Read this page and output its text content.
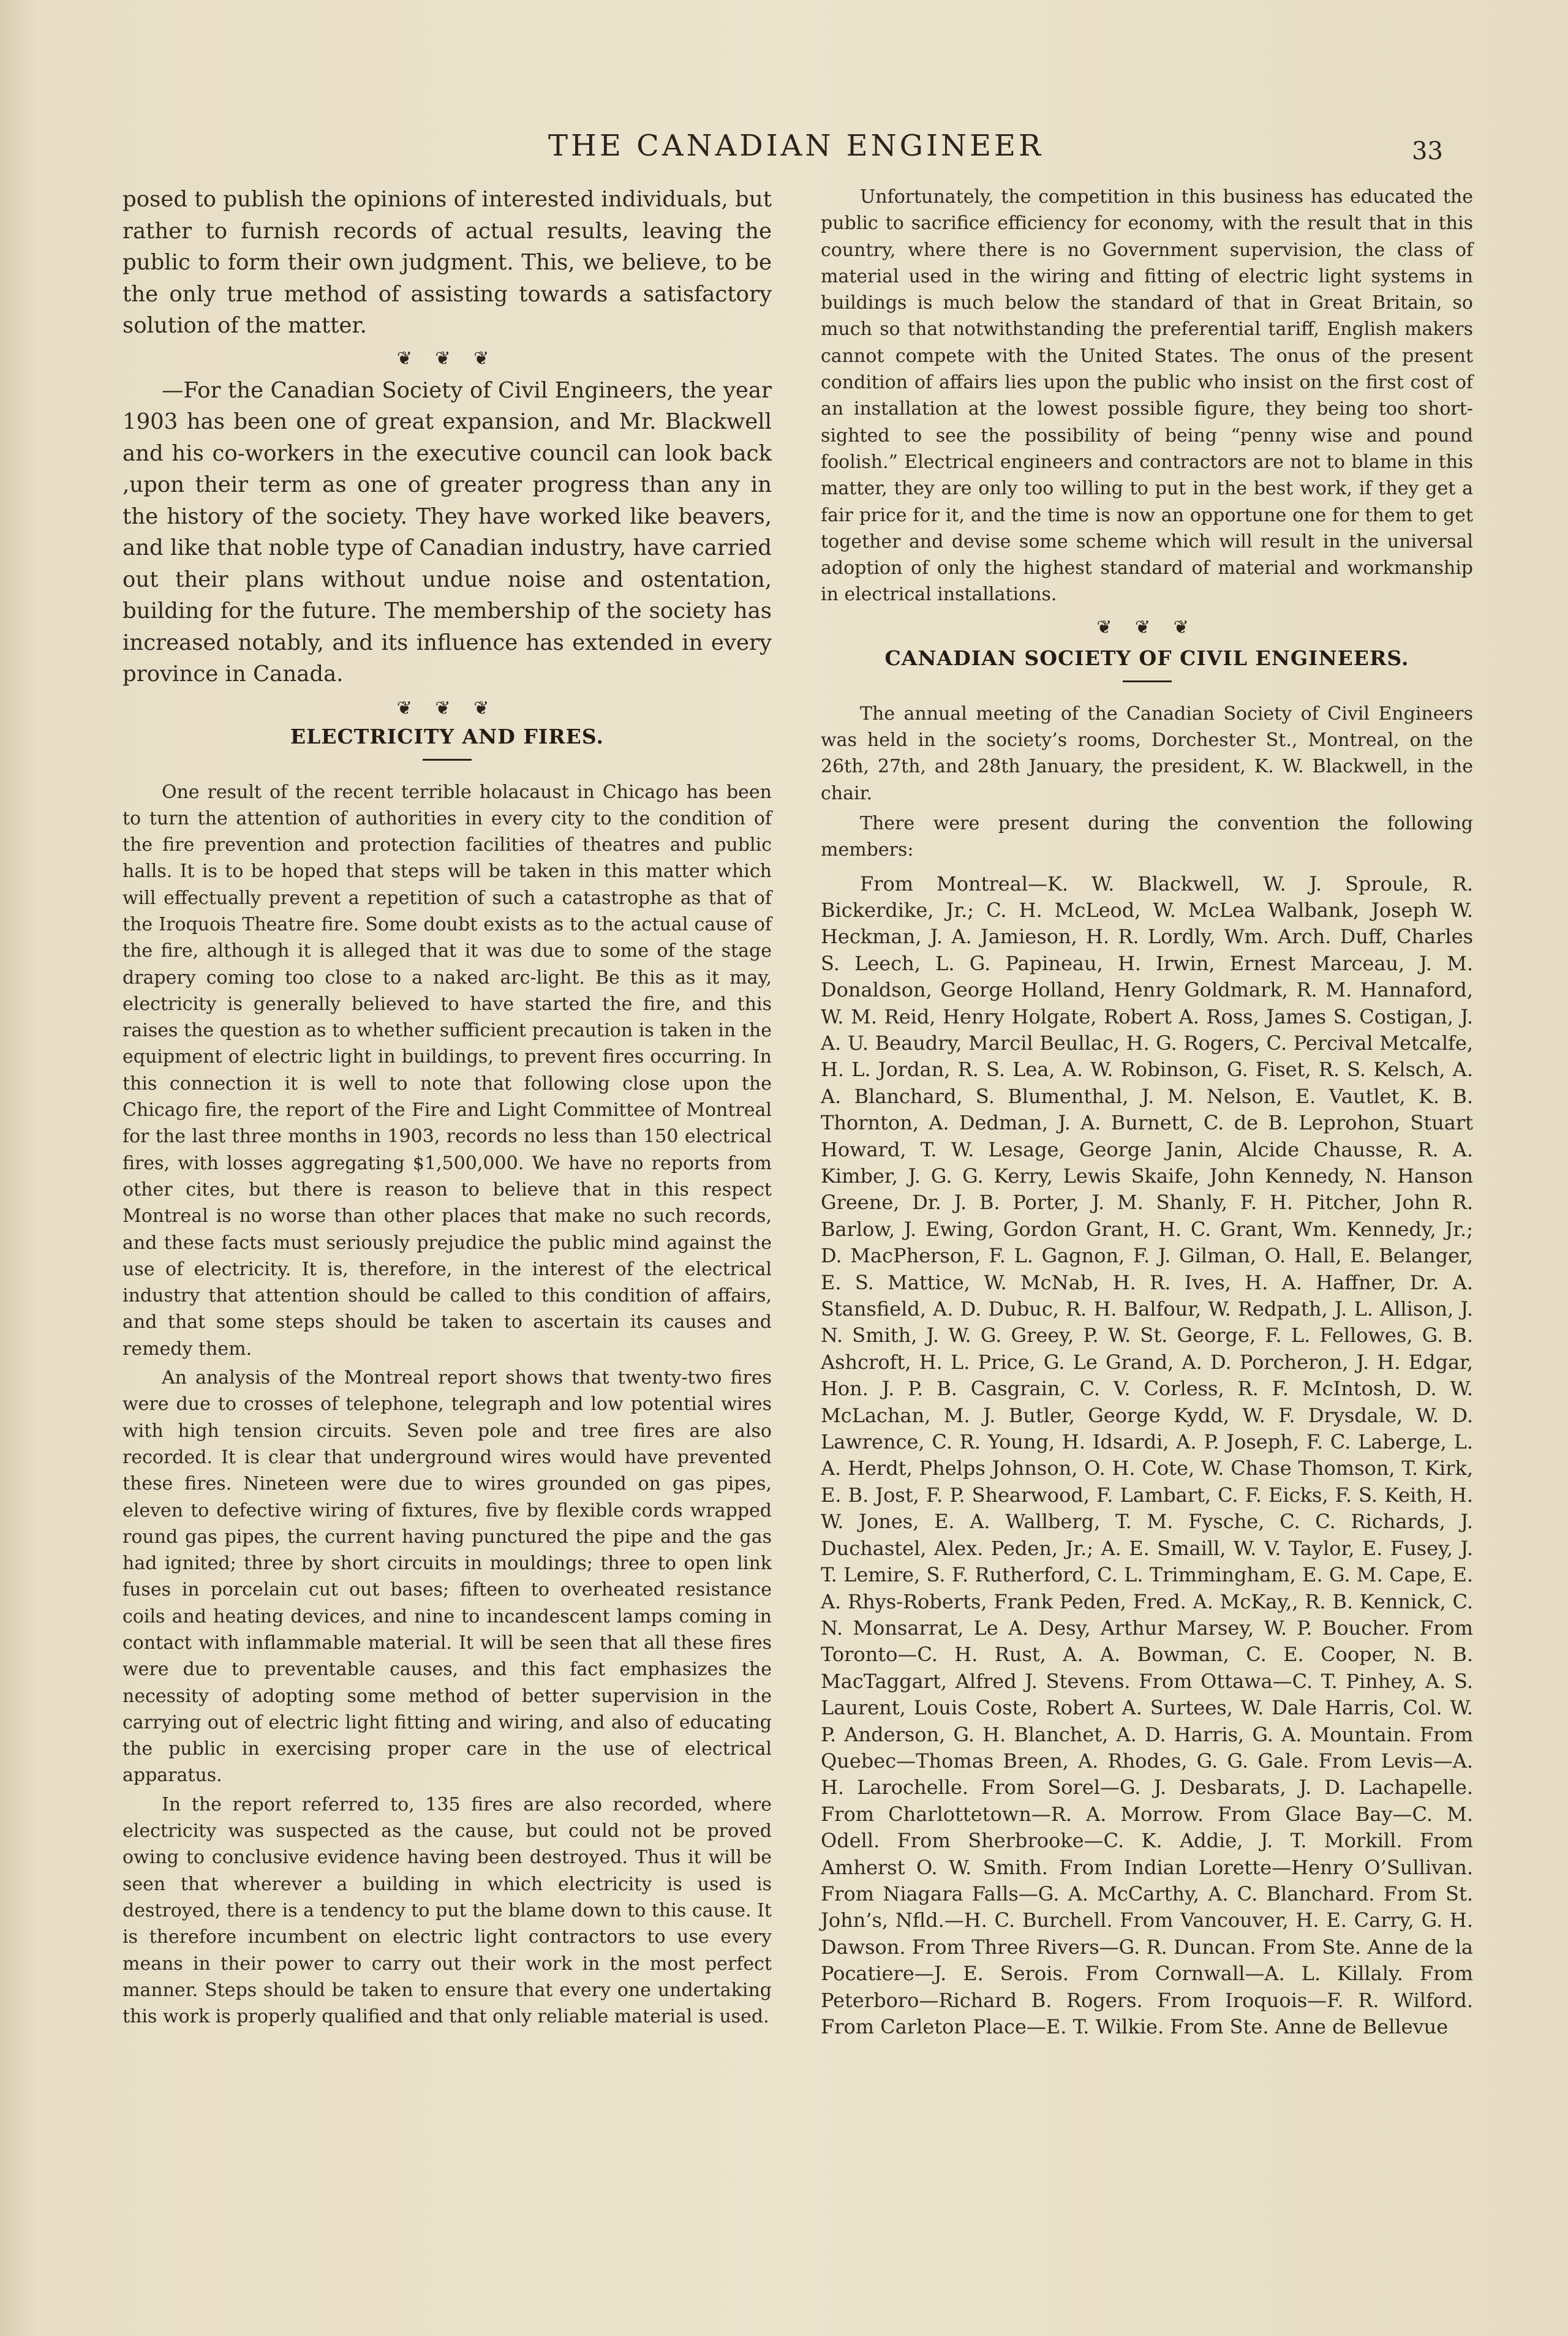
THE CANADIAN ENGINEER	33

posed to publish the opinions of interested individuals, but rather to furnish records of actual results, leaving the public to form their own judgment. This, we believe, to be the only true method of assisting towards a satisfactory solution of the matter.

❦ ❦ ❦

—For the Canadian Society of Civil Engineers, the year 1903 has been one of great expansion, and Mr. Blackwell and his co-workers in the executive council can look back ,upon their term as one of greater progress than any in the history of the society. They have worked like beavers, and like that noble type of Canadian industry, have carried out their plans without undue noise and ostentation, building for the future. The membership of the society has increased notably, and its influence has extended in every province in Canada.

❦ ❦ ❦
ELECTRICITY AND FIRES.

One result of the recent terrible holacaust in Chicago has been to turn the attention of authorities in every city to the condition of the fire prevention and protection facilities of theatres and public halls. It is to be hoped that steps will be taken in this matter which will effectually prevent a repetition of such a catastrophe as that of the Iroquois Theatre fire. Some doubt exists as to the actual cause of the fire, although it is alleged that it was due to some of the stage drapery coming too close to a naked arc-light. Be this as it may, electricity is generally believed to have started the fire, and this raises the question as to whether sufficient precaution is taken in the equipment of electric light in buildings, to prevent fires occurring. In this connection it is well to note that following close upon the Chicago fire, the report of the Fire and Light Committee of Montreal for the last three months in 1903, records no less than 150 electrical fires, with losses aggregating $1,500,000. We have no reports from other cites, but there is reason to believe that in this respect Montreal is no worse than other places that make no such records, and these facts must seriously prejudice the public mind against the use of electricity. It is, therefore, in the interest of the electrical industry that attention should be called to this condition of affairs, and that some steps should be taken to ascertain its causes and remedy them.

An analysis of the Montreal report shows that twenty-two fires were due to crosses of telephone, telegraph and low potential wires with high tension circuits. Seven pole and tree fires are also recorded. It is clear that underground wires would have prevented these fires. Nineteen were due to wires grounded on gas pipes, eleven to defective wiring of fixtures, five by flexible cords wrapped round gas pipes, the current having punctured the pipe and the gas had ignited; three by short circuits in mouldings; three to open link fuses in porcelain cut out bases; fifteen to overheated resistance coils and heating devices, and nine to incandescent lamps coming in contact with inflammable material. It will be seen that all these fires were due to preventable causes, and this fact emphasizes the necessity of adopting some method of better supervision in the carrying out of electric light fitting and wiring, and also of educating the public in exercising proper care in the use of electrical apparatus.

In the report referred to, 135 fires are also recorded, where electricity was suspected as the cause, but could not be proved owing to conclusive evidence having been destroyed. Thus it will be seen that wherever a building in which electricity is used is destroyed, there is a tendency to put the blame down to this cause. It is therefore incumbent on electric light contractors to use every means in their power to carry out their work in the most perfect manner. Steps should be taken to ensure that every one undertaking this work is properly qualified and that only reliable material is used.

Unfortunately, the competition in this business has educated the public to sacrifice efficiency for economy, with the result that in this country, where there is no Government supervision, the class of material used in the wiring and fitting of electric light systems in buildings is much below the standard of that in Great Britain, so much so that notwithstanding the preferential tariff, English makers cannot compete with the United States. The onus of the present condition of affairs lies upon the public who insist on the first cost of an installation at the lowest possible figure, they being too short-sighted to see the possibility of being “penny wise and pound foolish.” Electrical engineers and contractors are not to blame in this matter, they are only too willing to put in the best work, if they get a fair price for it, and the time is now an opportune one for them to get together and devise some scheme which will result in the universal adoption of only the highest standard of material and workmanship in electrical installations.

❦ ❦ ❦
CANADIAN SOCIETY OF CIVIL ENGINEERS.

The annual meeting of the Canadian Society of Civil Engineers was held in the society’s rooms, Dorchester St., Montreal, on the 26th, 27th, and 28th January, the president, K. W. Blackwell, in the chair.

There were present during the convention the following members:

From Montreal—K. W. Blackwell, W. J. Sproule, R. Bickerdike, Jr.; C. H. McLeod, W. McLea Walbank, Joseph W. Heckman, J. A. Jamieson, H. R. Lordly, Wm. Arch. Duff, Charles S. Leech, L. G. Papineau, H. Irwin, Ernest Marceau, J. M. Donaldson, George Holland, Henry Goldmark, R. M. Hannaford, W. M. Reid, Henry Holgate, Robert A. Ross, James S. Costigan, J. A. U. Beaudry, Marcil Beullac, H. G. Rogers, C. Percival Metcalfe, H. L. Jordan, R. S. Lea, A. W. Robinson, G. Fiset, R. S. Kelsch, A. A. Blanchard, S. Blumenthal, J. M. Nelson, E. Vautlet, K. B. Thornton, A. Dedman, J. A. Burnett, C. de B. Leprohon, Stuart Howard, T. W. Lesage, George Janin, Alcide Chausse, R. A. Kimber, J. G. G. Kerry, Lewis Skaife, John Kennedy, N. Hanson Greene, Dr. J. B. Porter, J. M. Shanly, F. H. Pitcher, John R. Barlow, J. Ewing, Gordon Grant, H. C. Grant, Wm. Kennedy, Jr.; D. MacPherson, F. L. Gagnon, F. J. Gilman, O. Hall, E. Belanger, E. S. Mattice, W. McNab, H. R. Ives, H. A. Haffner, Dr. A. Stansfield, A. D. Dubuc, R. H. Balfour, W. Redpath, J. L. Allison, J. N. Smith, J. W. G. Greey, P. W. St. George, F. L. Fellowes, G. B. Ashcroft, H. L. Price, G. Le Grand, A. D. Porcheron, J. H. Edgar, Hon. J. P. B. Casgrain, C. V. Corless, R. F. McIntosh, D. W. McLachan, M. J. Butler, George Kydd, W. F. Drysdale, W. D. Lawrence, C. R. Young, H. Idsardi, A. P. Joseph, F. C. Laberge, L. A. Herdt, Phelps Johnson, O. H. Cote, W. Chase Thomson, T. Kirk, E. B. Jost, F. P. Shearwood, F. Lambart, C. F. Eicks, F. S. Keith, H. W. Jones, E. A. Wallberg, T. M. Fysche, C. C. Richards, J. Duchastel, Alex. Peden, Jr.; A. E. Smaill, W. V. Taylor, E. Fusey, J. T. Lemire, S. F. Rutherford, C. L. Trimmingham, E. G. M. Cape, E. A. Rhys-Roberts, Frank Peden, Fred. A. McKay,, R. B. Kennick, C. N. Monsarrat, Le A. Desy, Arthur Marsey, W. P. Boucher. From Toronto—C. H. Rust, A. A. Bowman, C. E. Cooper, N. B. MacTaggart, Alfred J. Stevens. From Ottawa—C. T. Pinhey, A. S. Laurent, Louis Coste, Robert A. Surtees, W. Dale Harris, Col. W. P. Anderson, G. H. Blanchet, A. D. Harris, G. A. Mountain. From Quebec—Thomas Breen, A. Rhodes, G. G. Gale. From Levis—A. H. Larochelle. From Sorel—G. J. Desbarats, J. D. Lachapelle. From Charlottetown—R. A. Morrow. From Glace Bay—C. M. Odell. From Sherbrooke—C. K. Addie, J. T. Morkill. From Amherst O. W. Smith. From Indian Lorette—Henry O’Sullivan. From Niagara Falls—G. A. McCarthy, A. C. Blanchard. From St. John’s, Nfld.—H. C. Burchell. From Vancouver, H. E. Carry, G. H. Dawson. From Three Rivers—G. R. Duncan. From Ste. Anne de la Pocatiere—J. E. Serois. From Cornwall—A. L. Killaly. From Peterboro—Richard B. Rogers. From Iroquois—F. R. Wilford. From Carleton Place—E. T. Wilkie. From Ste. Anne de Bellevue
